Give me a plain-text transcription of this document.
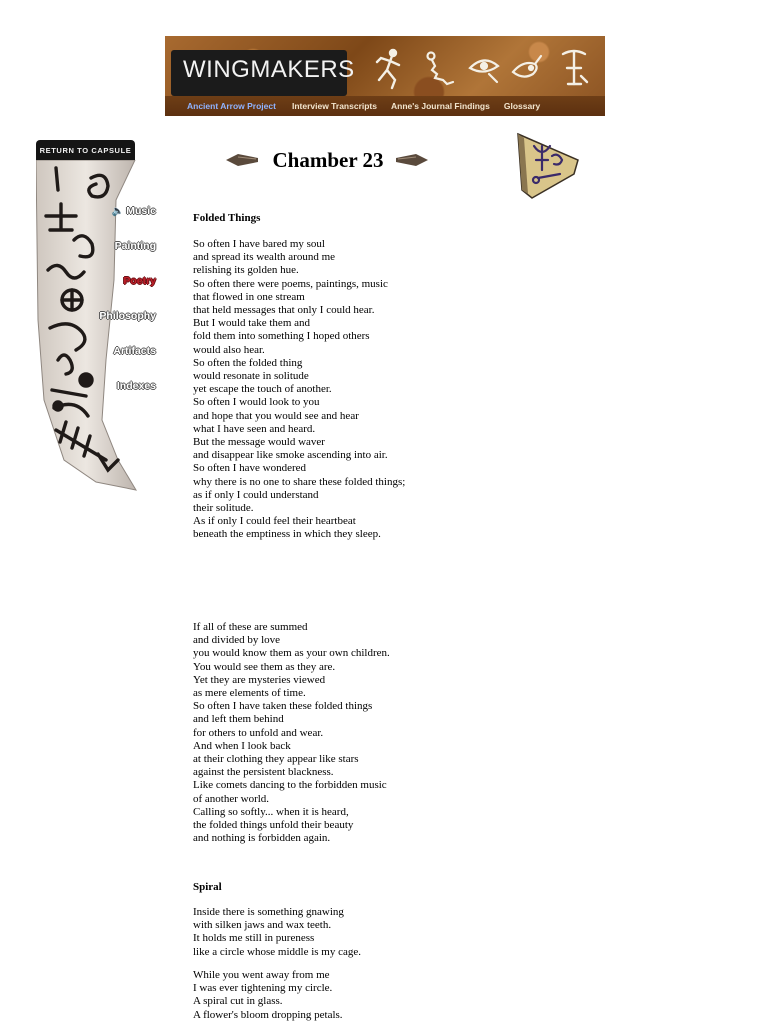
WINGMAKERS
Ancient Arrow Project Interview Transcripts Anne's Journal Findings Glossary
RETURN TO CAPSULE
🔈 Music
Painting
Poetry
Philosophy
Artifacts
Indexes
Chamber 23
Folded Things
So often I have bared my soul
and spread its wealth around me
relishing its golden hue.
So often there were poems, paintings, music
that flowed in one stream
that held messages that only I could hear.
But I would take them and
fold them into something I hoped others
would also hear.
So often the folded thing
would resonate in solitude
yet escape the touch of another.
So often I would look to you
and hope that you would see and hear
what I have seen and heard.
But the message would waver
and disappear like smoke ascending into air.
So often I have wondered
why there is no one to share these folded things;
as if only I could understand
their solitude.
As if only I could feel their heartbeat
beneath the emptiness in which they sleep.
If all of these are summed
and divided by love
you would know them as your own children.
You would see them as they are.
Yet they are mysteries viewed
as mere elements of time.
So often I have taken these folded things
and left them behind
for others to unfold and wear.
And when I look back
at their clothing they appear like stars
against the persistent blackness.
Like comets dancing to the forbidden music
of another world.
Calling so softly... when it is heard,
the folded things unfold their beauty
and nothing is forbidden again.
Spiral
Inside there is something gnawing
with silken jaws and wax teeth.
It holds me still in pureness
like a circle whose middle is my cage.
While you went away from me
I was ever tightening my circle.
A spiral cut in glass.
A flower's bloom dropping petals.
